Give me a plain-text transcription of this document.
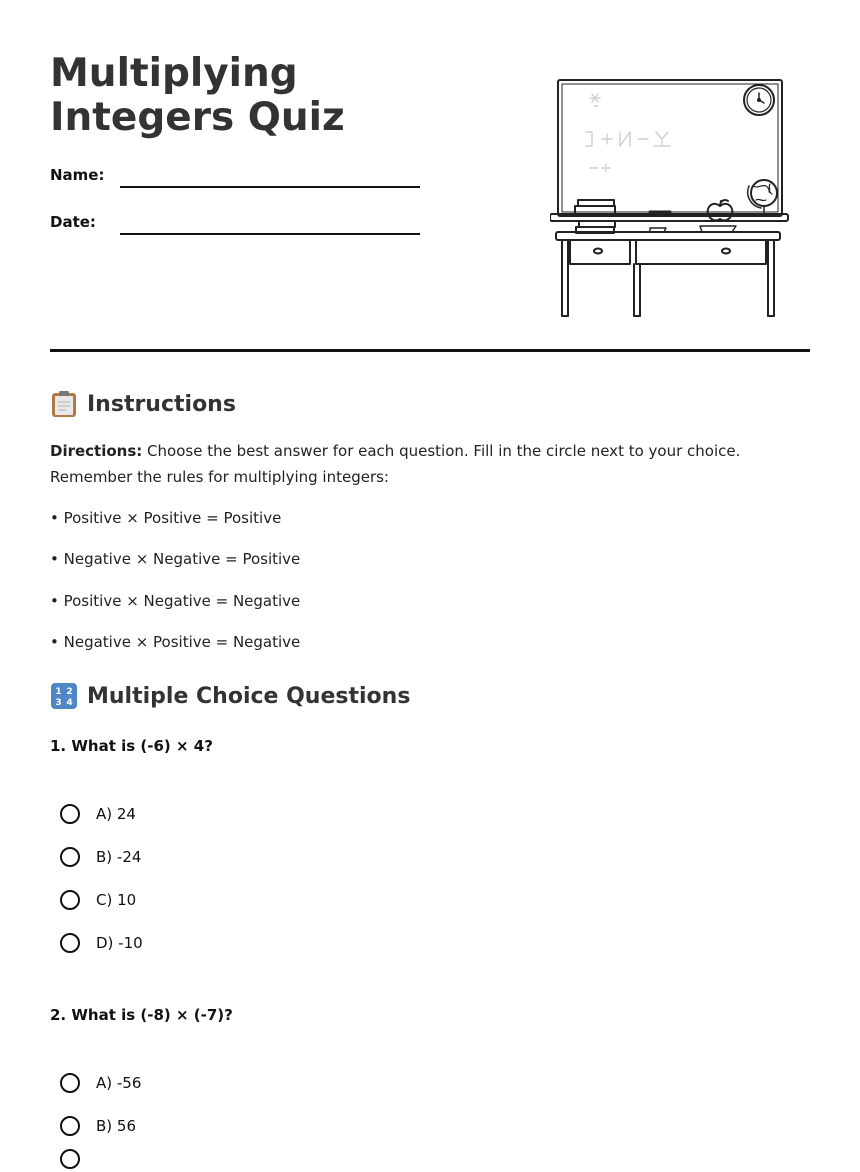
Multiplying Integers Quiz
Name:
Date:
Instructions

Directions: Choose the best answer for each question. Fill in the circle next to your choice. Remember the rules for multiplying integers:

• Positive × Positive = Positive
• Negative × Negative = Positive
• Positive × Negative = Negative
• Negative × Positive = Negative
1 2
3 4 Multiple Choice Questions
1. What is (-6) × 4?
A) 24
B) -24
C) 10
D) -10
2. What is (-8) × (-7)?
A) -56
B) 56
